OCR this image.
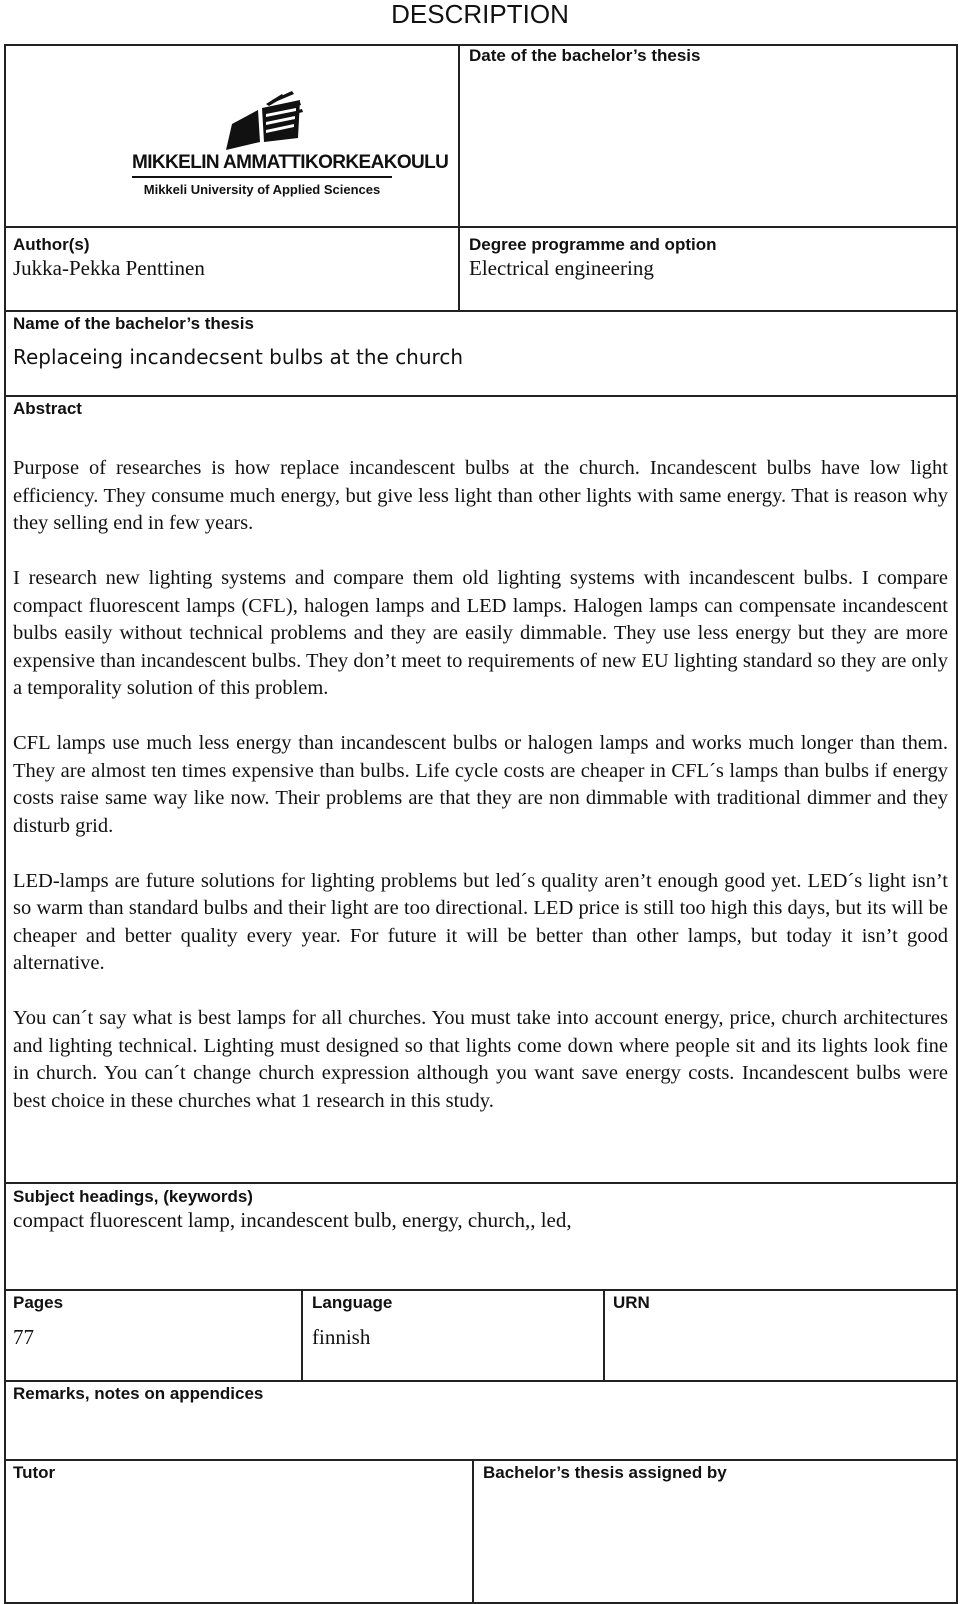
DESCRIPTION
MIKKELIN AMMATTIKORKEAKOULU
Mikkeli University of Applied Sciences
Date of the bachelor’s thesis
Author(s)
Jukka-Pekka Penttinen
Degree programme and option
Electrical engineering
Name of the bachelor’s thesis
Replaceing incandecsent bulbs at the church
Abstract

Purpose of researches is how replace incandescent bulbs at the church. Incandescent bulbs have low light efficiency. They consume much energy, but give less light than other lights with same energy. That is reason why they selling end in few years.

I research new lighting systems and compare them old lighting systems with incandescent bulbs. I compare compact fluorescent lamps (CFL), halogen lamps and LED lamps. Halogen lamps can compensate incandescent bulbs easily without technical problems and they are easily dimmable. They use less energy but they are more expensive than incandescent bulbs. They don’t meet to requirements of new EU lighting standard so they are only a temporality solution of this problem.

CFL lamps use much less energy than incandescent bulbs or halogen lamps and works much longer than them. They are almost ten times expensive than bulbs. Life cycle costs are cheaper in CFL´s lamps than bulbs if energy costs raise same way like now. Their problems are that they are non dimmable with traditional dimmer and they disturb grid.

LED-lamps are future solutions for lighting problems but led´s quality aren’t enough good yet. LED´s light isn’t so warm than standard bulbs and their light are too directional. LED price is still too high this days, but its will be cheaper and better quality every year. For future it will be better than other lamps, but today it isn’t good alternative.

You can´t say what is best lamps for all churches. You must take into account energy, price, church architectures and lighting technical. Lighting must designed so that lights come down where people sit and its lights look fine in church. You can´t change church expression although you want save energy costs. Incandescent bulbs were best choice in these churches what 1 research in this study.

Subject headings, (keywords)
compact fluorescent lamp, incandescent bulb, energy, church,, led,
Pages
77
Language
finnish
URN
Remarks, notes on appendices
Tutor	Bachelor’s thesis assigned by
